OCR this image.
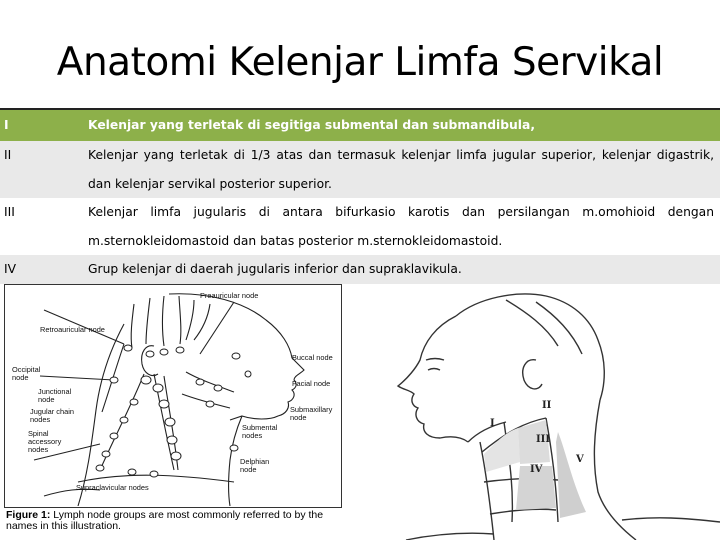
Anatomi Kelenjar Limfa Servikal
I	Kelenjar yang terletak di segitiga submental dan submandibula,
II	Kelenjar yang terletak di 1/3 atas dan termasuk kelenjar limfa jugular superior, kelenjar digastrik, dan kelenjar servikal posterior superior.
III	Kelenjar limfa jugularis di antara bifurkasio karotis dan persilangan m.omohioid dengan m.sternokleidomastoid dan batas posterior m.sternokleidomastoid.
IV	Grup kelenjar di daerah jugularis inferior dan supraklavikula.
Preauricular node
Retroauricular node
Occipital node
Junctional node
Jugular chain nodes
Spinal accessory nodes
Supraclavicular nodes
Buccal node
Facial node
Submaxillary node
Submental nodes
Delphian node
Figure 1: Lymph node groups are most commonly referred to by the names in this illustration.
I
II
III
IV
V
